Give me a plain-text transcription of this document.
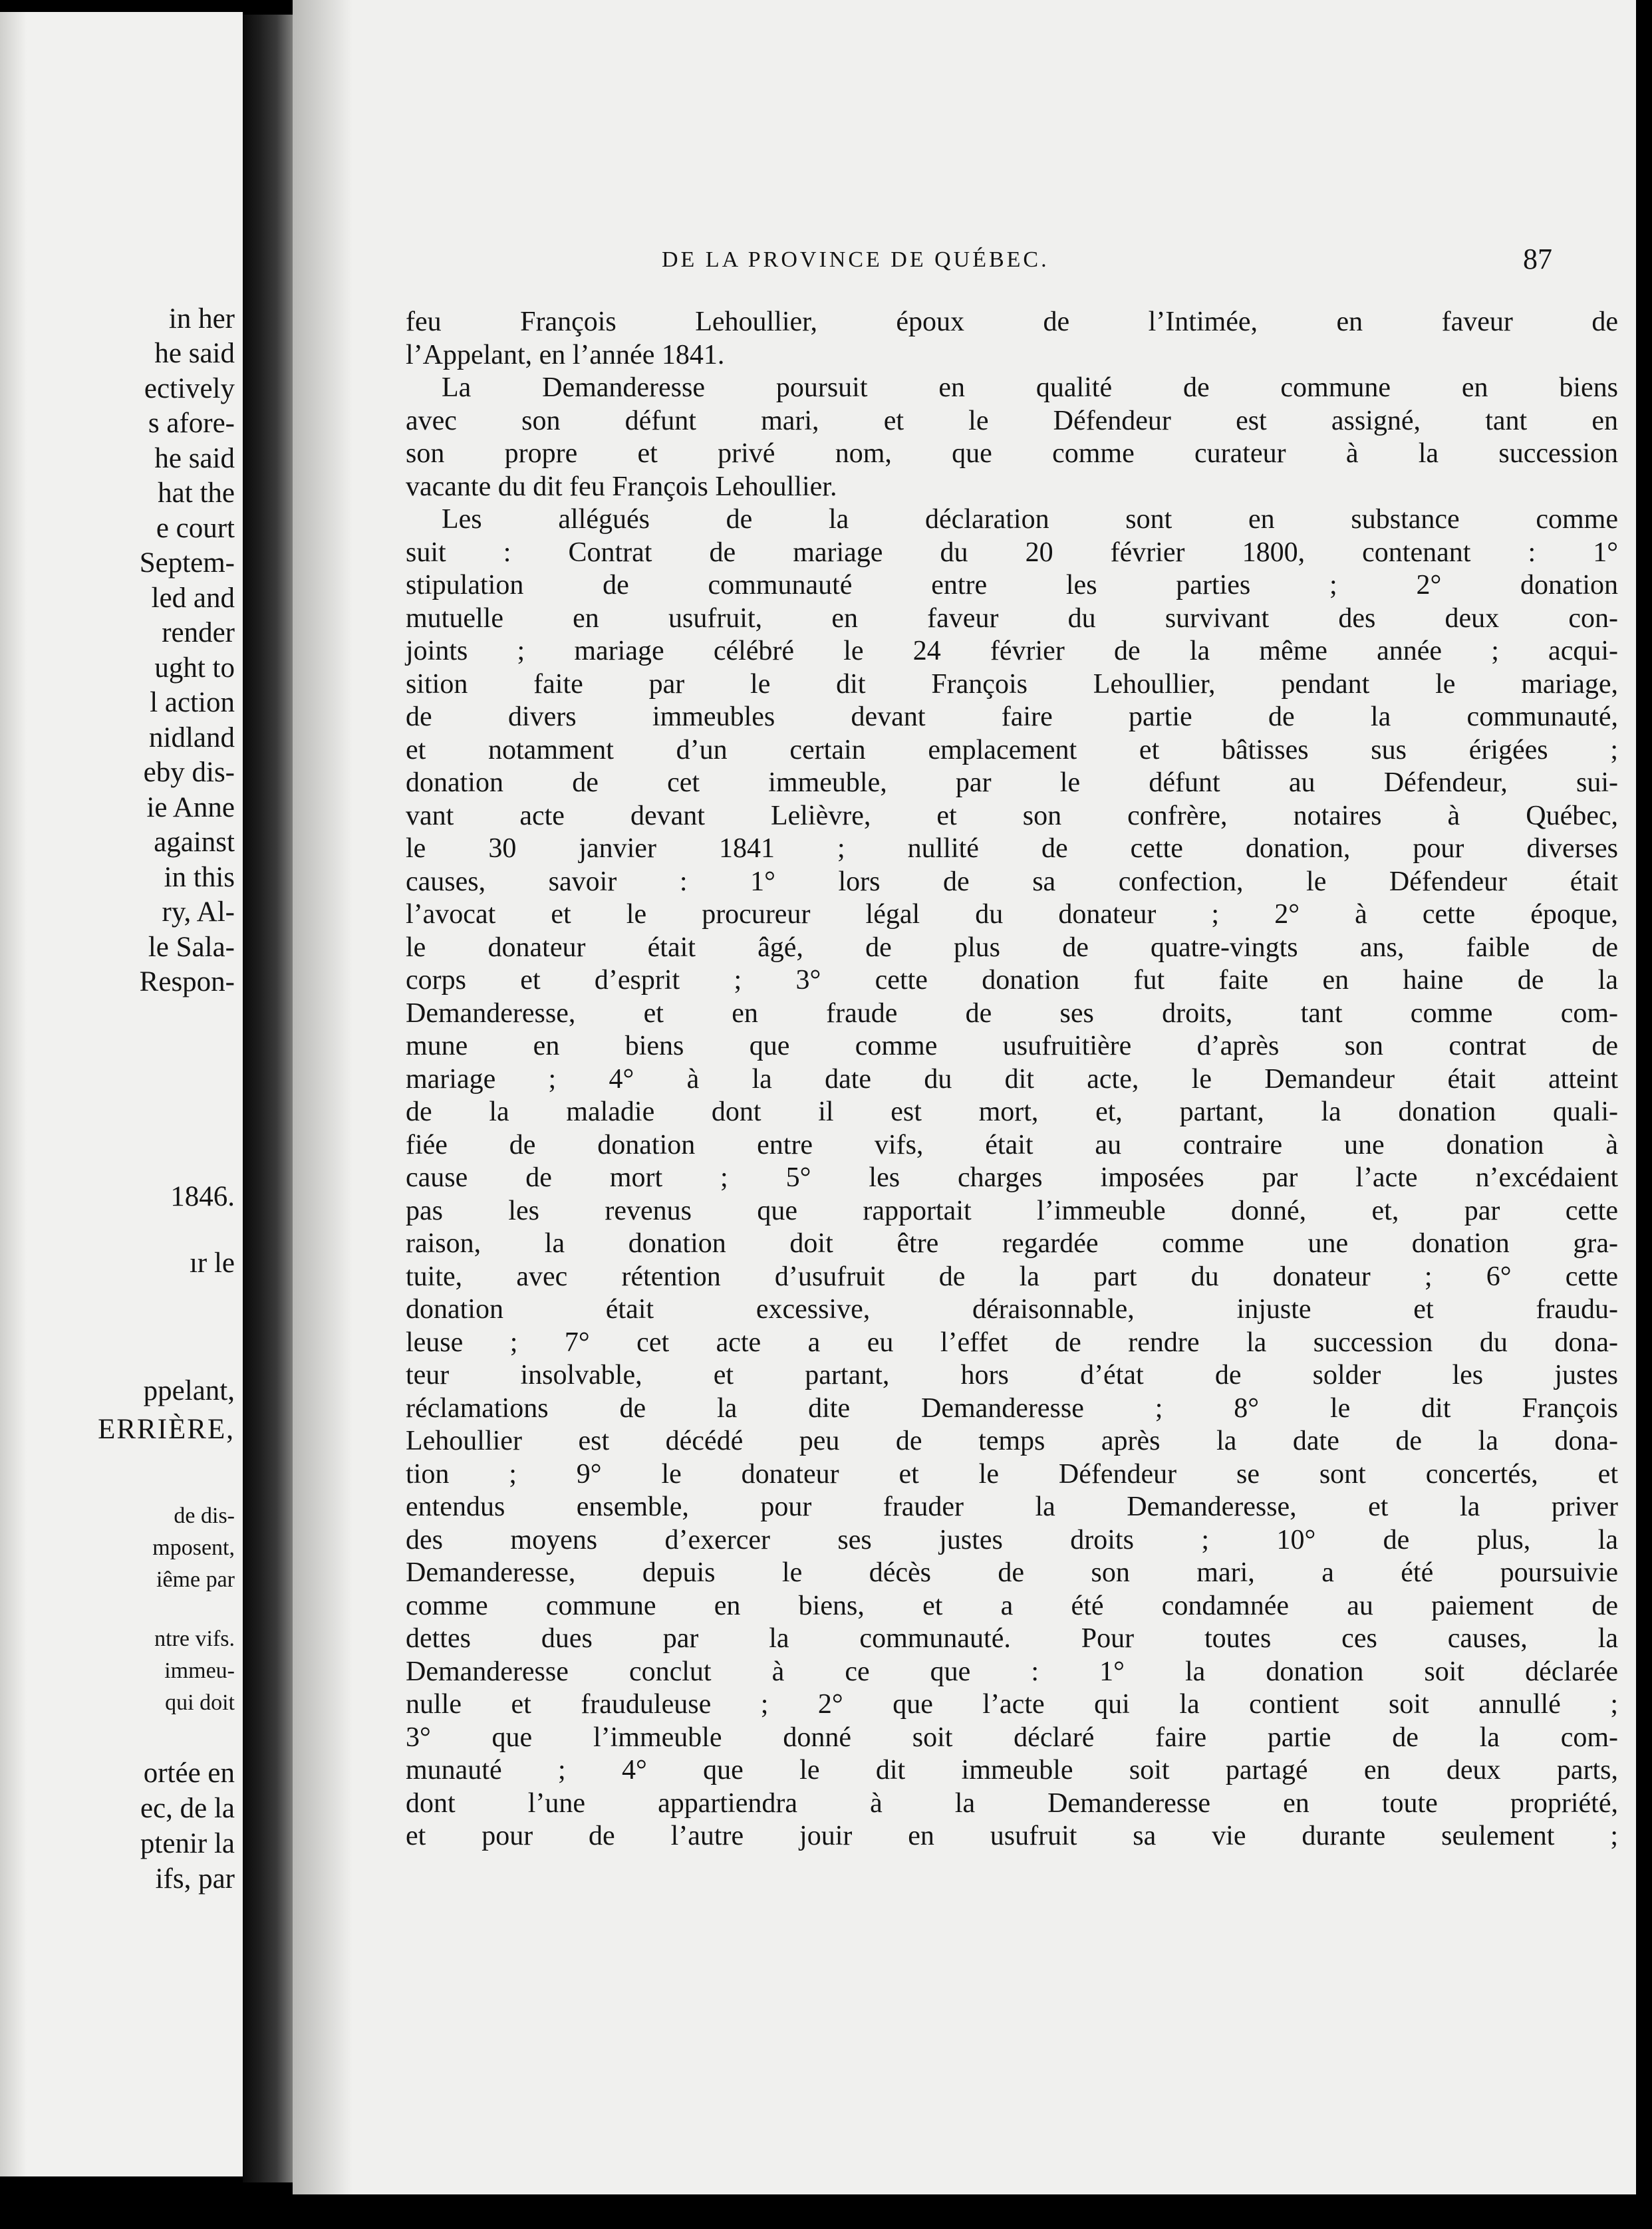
in her
he said
ectively
s afore-
he said
hat the
e court
Septem-
led and
render
ught to
l action
nidland
eby dis-
ie Anne
against
in this
ry, Al-
le Sala-
Respon-
1846.
ır le
ppelant,
ERRIÈRE,
de dis-
mposent,
iême par
ntre vifs.
immeu-
qui doit
ortée en
ec, de la
ptenir la
ifs, par
DE LA PROVINCE DE QUÉBEC.	87
feu François Lehoullier, époux de l’Intimée, en faveur de
l’Appelant, en l’année 1841.
La Demanderesse poursuit en qualité de commune en biens
avec son défunt mari, et le Défendeur est assigné, tant en
son propre et privé nom, que comme curateur à la succession
vacante du dit feu François Lehoullier.
Les allégués de la déclaration sont en substance comme
suit : Contrat de mariage du 20 février 1800, contenant : 1°
stipulation de communauté entre les parties ; 2° donation
mutuelle en usufruit, en faveur du survivant des deux con-
joints ; mariage célébré le 24 février de la même année ; acqui-
sition faite par le dit François Lehoullier, pendant le mariage,
de divers immeubles devant faire partie de la communauté,
et notamment d’un certain emplacement et bâtisses sus érigées ;
donation de cet immeuble, par le défunt au Défendeur, sui-
vant acte devant Lelièvre, et son confrère, notaires à Québec,
le 30 janvier 1841 ; nullité de cette donation, pour diverses
causes, savoir : 1° lors de sa confection, le Défendeur était
l’avocat et le procureur légal du donateur ; 2° à cette époque,
le donateur était âgé, de plus de quatre-vingts ans, faible de
corps et d’esprit ; 3° cette donation fut faite en haine de la
Demanderesse, et en fraude de ses droits, tant comme com-
mune en biens que comme usufruitière d’après son contrat de
mariage ; 4° à la date du dit acte, le Demandeur était atteint
de la maladie dont il est mort, et, partant, la donation quali-
fiée de donation entre vifs, était au contraire une donation à
cause de mort ; 5° les charges imposées par l’acte n’excédaient
pas les revenus que rapportait l’immeuble donné, et, par cette
raison, la donation doit être regardée comme une donation gra-
tuite, avec rétention d’usufruit de la part du donateur ; 6° cette
donation était excessive, déraisonnable, injuste et fraudu-
leuse ; 7° cet acte a eu l’effet de rendre la succession du dona-
teur insolvable, et partant, hors d’état de solder les justes
réclamations de la dite Demanderesse ; 8° le dit François
Lehoullier est décédé peu de temps après la date de la dona-
tion ; 9° le donateur et le Défendeur se sont concertés, et
entendus ensemble, pour frauder la Demanderesse, et la priver
des moyens d’exercer ses justes droits ; 10° de plus, la
Demanderesse, depuis le décès de son mari, a été poursuivie
comme commune en biens, et a été condamnée au paiement de
dettes dues par la communauté. Pour toutes ces causes, la
Demanderesse conclut à ce que : 1° la donation soit déclarée
nulle et frauduleuse ; 2° que l’acte qui la contient soit annullé ;
3° que l’immeuble donné soit déclaré faire partie de la com-
munauté ; 4° que le dit immeuble soit partagé en deux parts,
dont l’une appartiendra à la Demanderesse en toute propriété,
et pour de l’autre jouir en usufruit sa vie durante seulement ;
